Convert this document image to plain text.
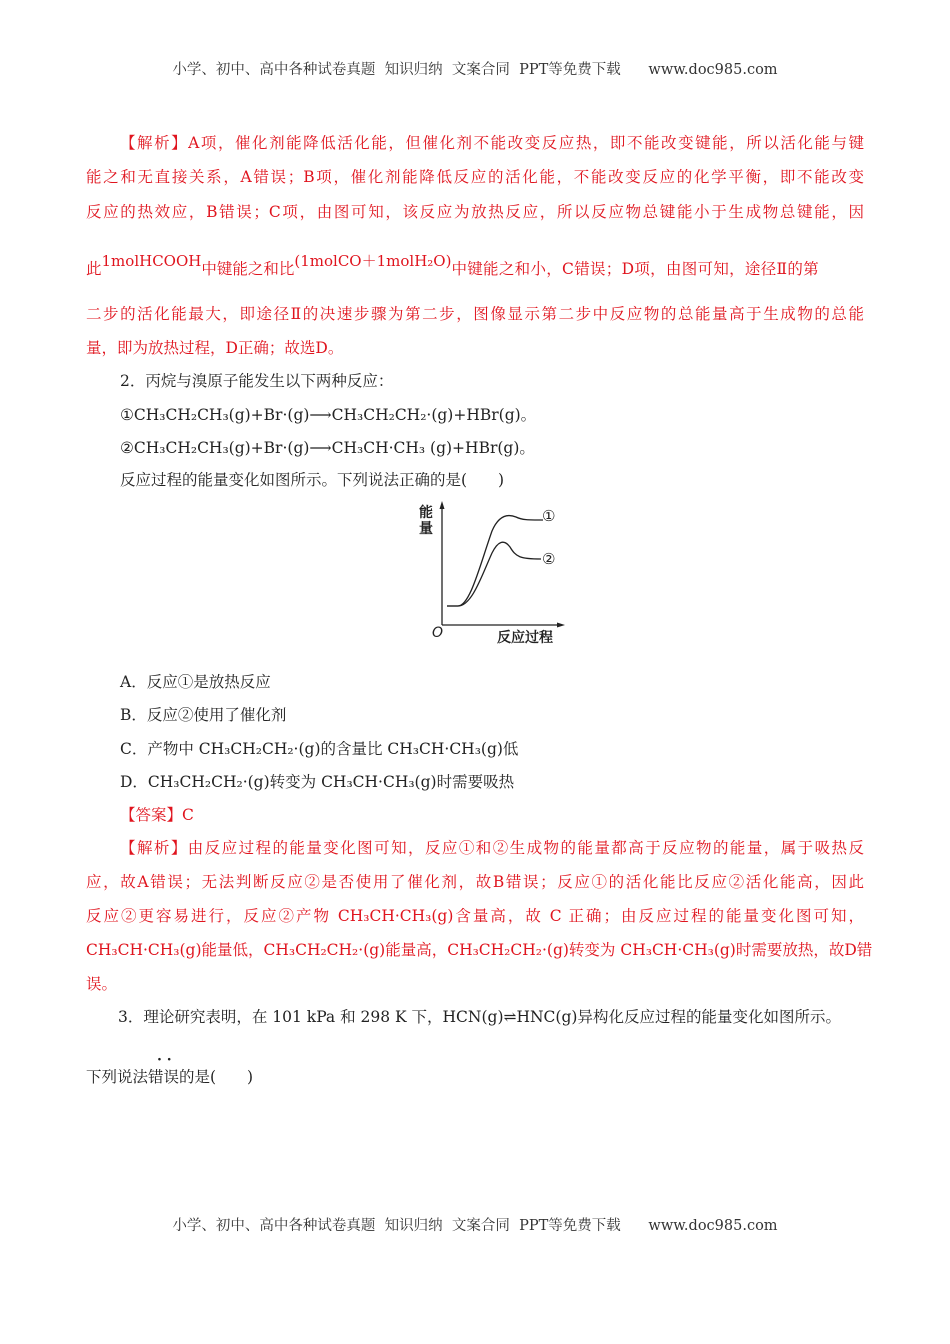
小学、初中、高中各种试卷真题  知识归纳  文案合同  PPT等免费下载      www.doc985.com
【解析】A项，催化剂能降低活化能，但催化剂不能改变反应热，即不能改变键能，所以活化能与键
能之和无直接关系，A错误；B项，催化剂能降低反应的活化能，不能改变反应的化学平衡，即不能改变
反应的热效应，B错误；C项，由图可知，该反应为放热反应，所以反应物总键能小于生成物总键能，因
此1molHCOOH中键能之和比(1molCO＋1molH₂O)中键能之和小，C错误；D项，由图可知，途径Ⅱ的第
二步的活化能最大，即途径Ⅱ的决速步骤为第二步，图像显示第二步中反应物的总能量高于生成物的总能
量，即为放热过程，D正确；故选D。
2．丙烷与溴原子能发生以下两种反应：
①CH₃CH₂CH₃(g)+Br·(g)⟶CH₃CH₂CH₂·(g)+HBr(g)。
②CH₃CH₂CH₃(g)+Br·(g)⟶CH₃CH·CH₃ (g)+HBr(g)。
反应过程的能量变化如图所示。下列说法正确的是(　　)
能
量
O	反应过程
①
②
A．反应①是放热反应
B．反应②使用了催化剂
C．产物中 CH₃CH₂CH₂·(g)的含量比 CH₃CH·CH₃(g)低
D．CH₃CH₂CH₂·(g)转变为 CH₃CH·CH₃(g)时需要吸热
【答案】C
【解析】由反应过程的能量变化图可知，反应①和②生成物的能量都高于反应物的能量，属于吸热反
应，故A错误；无法判断反应②是否使用了催化剂，故B错误；反应①的活化能比反应②活化能高，因此
反应②更容易进行，反应②产物 CH₃CH·CH₃(g)含量高，故 C 正确；由反应过程的能量变化图可知，
CH₃CH·CH₃(g)能量低，CH₃CH₂CH₂·(g)能量高，CH₃CH₂CH₂·(g)转变为 CH₃CH·CH₃(g)时需要放热，故D错
误。
3．理论研究表明，在 101 kPa 和 298 K 下，HCN(g)⇌HNC(g)异构化反应过程的能量变化如图所示。
· ·
下列说法错误的是(　　)
小学、初中、高中各种试卷真题  知识归纳  文案合同  PPT等免费下载      www.doc985.com
